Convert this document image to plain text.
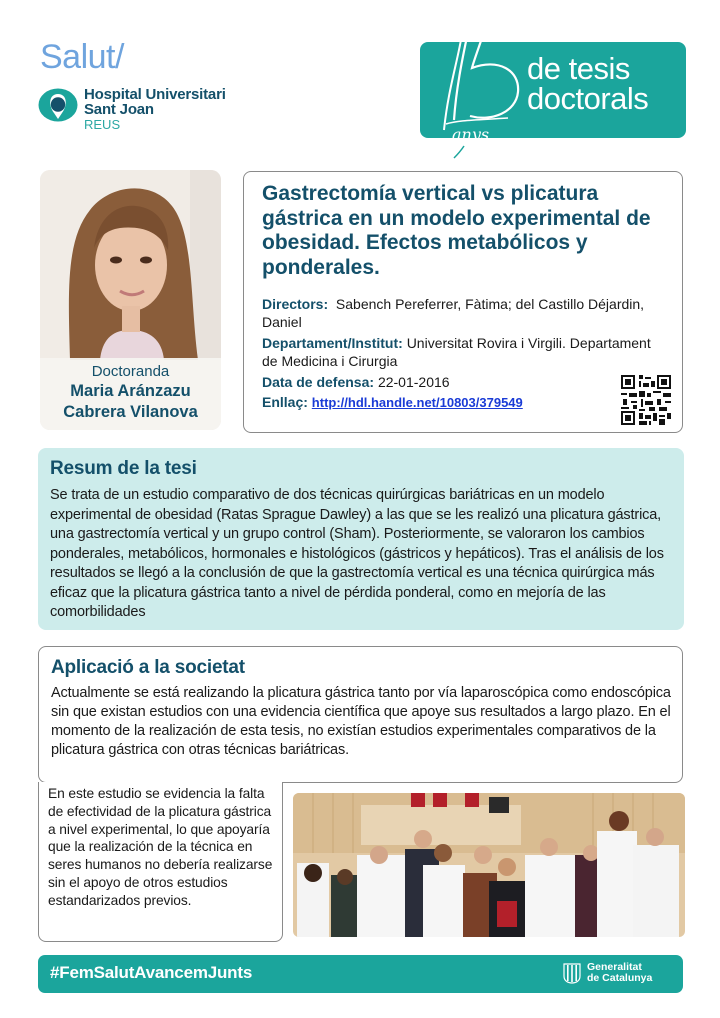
Salut/
Hospital Universitari
Sant Joan
REUS
anys
de tesis
doctorals
Doctoranda
Maria Aránzazu
Cabrera Vilanova
Gastrectomía vertical vs plicatura gástrica en un modelo experimental de obesidad. Efectos metabólicos y ponderales.
Directors: Sabench Pereferrer, Fàtima; del Castillo Déjardin, Daniel
Departament/Institut: Universitat Rovira i Virgili. Departament de Medicina i Cirurgia
Data de defensa: 22-01-2016
Enllaç: http://hdl.handle.net/10803/379549
Resum de la tesi
Se trata de un estudio comparativo de dos técnicas quirúrgicas bariátricas en un modelo experimental de obesidad (Ratas Sprague Dawley) a las que se les realizó una plicatura gástrica, una gastrectomía vertical y un grupo control (Sham). Posteriormente, se valoraron los cambios ponderales, metabólicos, hormonales e histológicos (gástricos y hepáticos). Tras el análisis de los resultados se llegó a la conclusión de que la gastrectomía vertical es una técnica quirúrgica más eficaz que la plicatura gástrica tanto a nivel de pérdida ponderal, como en mejoría de las comorbilidades
Aplicació a la societat
Actualmente se está realizando la plicatura gástrica tanto por vía laparoscópica como endoscópica sin que existan estudios con una evidencia científica que apoye sus resultados a largo plazo. En el momento de la realización de esta tesis, no existían estudios experimentales comparativos de la plicatura gástrica con otras técnicas bariátricas.
En este estudio se evidencia la falta de efectividad de la plicatura gástrica a nivel experimental, lo que apoyaría que la realización de la técnica en seres humanos no debería realizarse sin el apoyo de otros estudios estandarizados previos.
#FemSalutAvancemJunts	Generalitat
de Catalunya
